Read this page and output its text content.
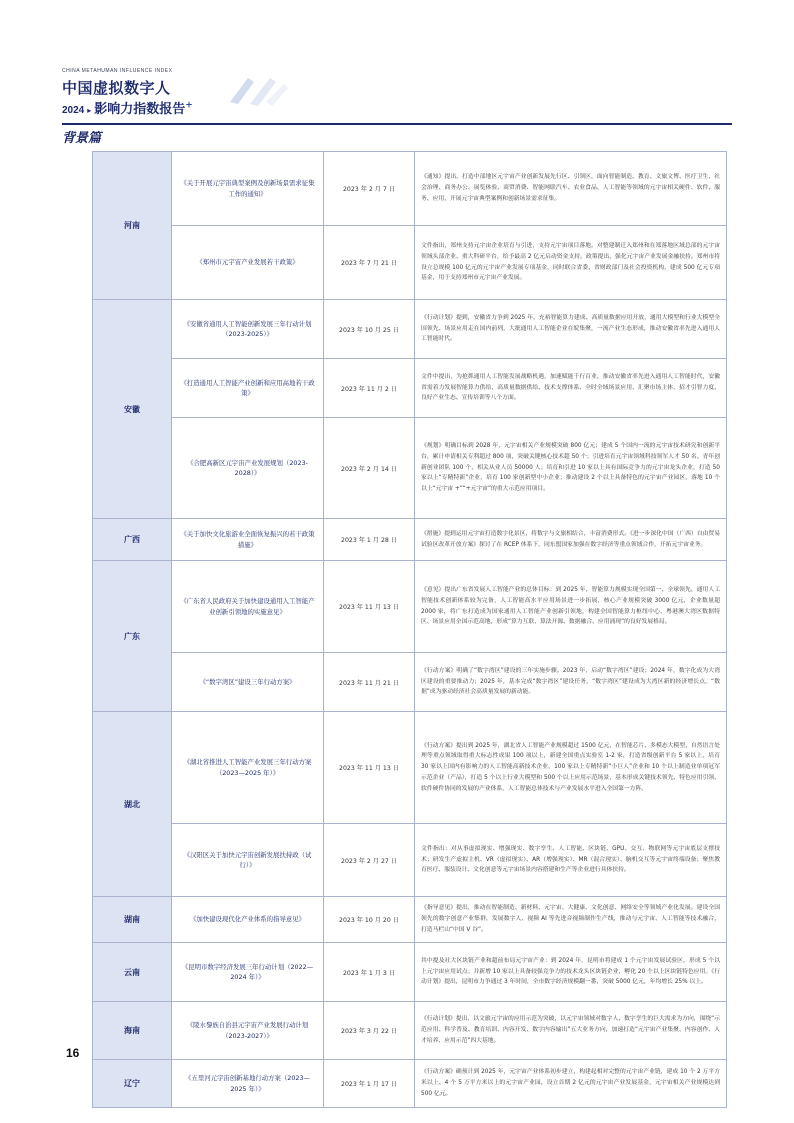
CHINA METAHUMAN INFLUENCE INDEX
中国虚拟数字人
2024 ▸ 影响力指数报告+
背景篇
河南	《关于开展元宇宙典型案例及创新场景需求征集工作的通知》	2023 年 2 月 7 日	《通知》提出，打造中部地区元宇宙产业创新发展先行区、引领区，面向智能制造、教育、文旅文博、医疗卫生、社会治理、商务办公、展览体验、商贸消费、智能网联汽车、农业食品、人工智能等领域的元宇宙相关硬件、软件、服务、应用，开展元宇宙典型案例和创新场景需求征集。
	《郑州市元宇宙产业发展若干政策》	2023 年 7 月 21 日	文件指出，郑州支持元宇宙企业培育与引进，支持元宇宙项目落地。对整建制迁入郑州和在郑落地区域总部的元宇宙领域头部企业、重大科研平台，给予最高 2 亿元启动资金支持。政策提出，强化元宇宙产业发展金融扶持。郑州市将设立总规模 100 亿元的元宇宙产业发展专项基金，同时联合省委、省财政部门及社会投资机构，建成 500 亿元专项基金，用于支持郑州市元宇宙产业发展。
安徽	《安徽省通用人工智能创新发展三年行动计划（2023-2025）》	2023 年 10 月 25 日	《行动计划》提到，安徽省力争到 2025 年，充裕智能算力建成、高质量数据应用开放，通用大模型和行业大模型全国领先、场景应用走在国内前列，大批通用人工智能企业在皖集聚，一流产业生态形成，推动安徽省率先进入通用人工智能时代。
	《打造通用人工智能产业创新和应用高地若干政策》	2023 年 11 月 2 日	文件中提出，为抢抓通用人工智能发展战略机遇，加速赋能千行百业，推动安徽省率先进入通用人工智能时代，安徽省需着力发展智能算力供给、高质量数据供给、技术支撑体系、全时全域场景应用、汇聚市场主体、招才引智力度、良好产业生态、宣传培训等八个方面。
	《合肥高新区元宇宙产业发展规划（2023-2028）》	2023 年 2 月 14 日	《规划》明确目标到 2028 年，元宇宙相关产业规模突破 800 亿元；建成 5 个国内一流的元宇宙技术研究和创新平台，累计申请相关专利超过 800 项，突破关键核心技术超 50 个；引进培育元宇宙领域科技领军人才 50 名、青年创新创业团队 100 个，相关从业人员 50000 人；培育和引进 10 家以上具有国际竞争力的元宇宙龙头企业，打造 50 家以上“专精特新”企业，培育 100 家创新型中小企业；推动建设 2 个以上具备特色的元宇宙产业园区，落地 10 个以上“元宇宙 +”“+元宇宙”的重大示范应用项目。
广西	《关于加快文化旅游业全面恢复振兴的若干政策措施》	2023 年 1 月 28 日	《措施》提到运用元宇宙打造数字化景区，将数字与文旅相结合，丰富消费形式。《进一步深化中国（广西）自由贸易试验区改革开放方案》探讨了在 RCEP 体系下，同东盟国家加强在数字经济等重点领域合作，开拓元宇宙业务。
广东	《广东省人民政府关于加快建设通用人工智能产业创新引领地的实施意见》	2023 年 11 月 13 日	《意见》提出广东省发展人工智能产业的总体目标：到 2025 年，智能算力规模实现全国第一、全球领先，通用人工智能技术创新体系较为完备，人工智能高水平应用场景进一步拓展，核心产业规模突破 3000 亿元，企业数量超 2000 家，将广东打造成为国家通用人工智能产业创新引领地，构建全国智能算力枢纽中心、粤港澳大湾区数据特区、场景应用全国示范高地，形成“算力互联、算法开源、数据融合、应用涌现”的良好发展格局。
	《“数字湾区”建设三年行动方案》	2023 年 11 月 21 日	《行动方案》明确了“数字湾区”建设的三年实施步骤。2023 年，启动“数字湾区”建设；2024 年，数字化成为大湾区建设的重要推动力；2025 年，基本完成“数字湾区”建设任务，“数字湾区”建设成为大湾区新的经济增长点，“数据”成为驱动经济社会高质量发展的新动能。
湖北	《湖北省推进人工智能产业发展三年行动方案（2023—2025 年）》	2023 年 11 月 13 日	《行动方案》提出到 2025 年，湖北省人工智能产业规模超过 1500 亿元，在智能芯片、多模态大模型、自然语言处理等重点领域取得重大标志性成果 100 项以上，新建全国重点实验室 1-2 家，打造省级创新平台 5 家以上，培育 30 家以上国内有影响力的人工智能高新技术企业，100 家以上专精特新“小巨人”企业和 10 个以上制造业单项冠军示范企业（产品），打造 5 个以上行业大模型和 500 个以上应用示范场景，基本形成关键技术领先、特色应用引领、软件硬件协同的发展的产业体系，人工智能总体技术与产业发展水平进入全国第一方阵。
	《汉阳区关于加快元宇宙创新发展扶持政（试行）》	2023 年 2 月 27 日	文件指出：对从事虚拟现实、增强现实、数字孪生、人工智能、区块链、GPU、交互、物联网等元宇宙底层支撑技术；研发生产虚拟主机、VR（虚拟现实）、AR（增强现实）、MR（混合现实）、脑机交互等元宇宙终端设备；聚焦教育医疗、服装设计、文化创意等元宇宙场景内容搭建和生产等企业进行具体扶持。
湖南	《加快建设现代化产业体系的指导意见》	2023 年 10 月 20 日	《指导意见》提出，推动在智能制造、新材料、元宇宙、大健康、文化创意、网络安全等领域产业化发展。建设全国领先的数字创意产业集群，发展数字人、视频 AI 等先进音视频制作生产线，推动与元宇宙、人工智能等技术融合，打造马栏山“中国 V 谷”。
云南	《昆明市数字经济发展三年行动计划（2022—2024 年）》	2023 年 1 月 3 日	其中提及社大区块链产业和超前布局元宇宙产业：到 2024 年，昆明市将建成 1 个元宇宙发展试验区，形成 5 个以上元宇宙应用试点；并新增 10 家以上具备较强竞争力的技术龙头区块链企业，孵化 20 个以上区块链特色应用。《行动计划》提出，昆明市力争通过 3 年时间，全市数字经济规模翻一番，突破 5000 亿元，年均增长 25% 以上。
海南	《陵水黎族自治县元宇宙产业发展行动计划（2023-2027）》	2023 年 3 月 22 日	《行动计划》提出，以文旅元宇宙的应用示范为突破，以元宇宙领域对数字人、数字孪生的巨大需求为方向，围绕“示范应用、科学普及、教育培训、内容开发、数字内容输出”五大业务方向，加速打造“元宇宙产业集聚、内容创作、人才培养、应用示范”四大基地。
辽宁	《五里河元宇宙创新基地行动方案（2023—2025 年）》	2023 年 1 月 17 日	《行动方案》确预计到 2025 年，元宇宙产业体系初步建立，构建起相对完整的元宇宙产业链，建成 10 个 2 万平方米以上、4 个 5 万平方米以上的元宇宙产业园，设立首期 2 亿元的元宇宙产业发展基金，元宇宙相关产业规模达到 500 亿元。
16
